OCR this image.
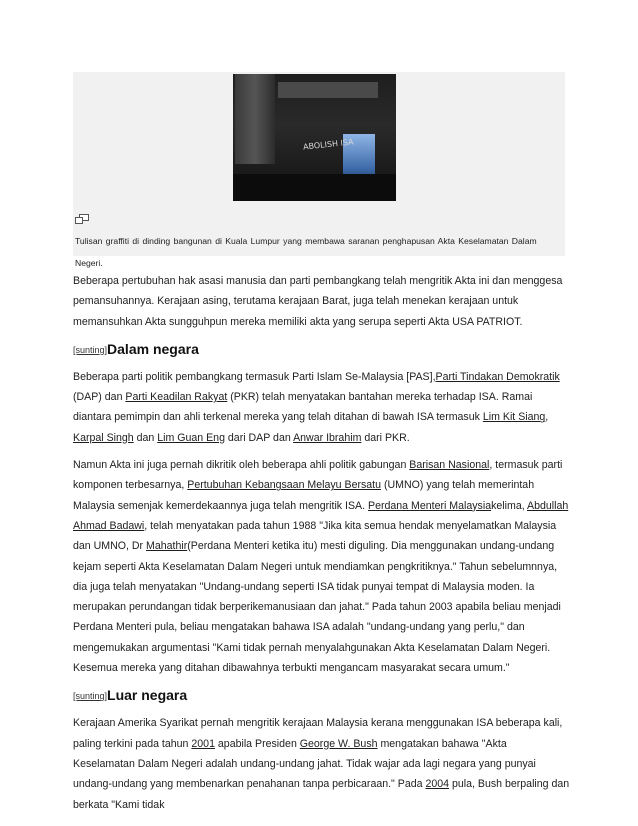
ABOLISH ISA
Tulisan graffiti di dinding bangunan di Kuala Lumpur yang membawa saranan penghapusan Akta Keselamatan Dalam Negeri.

Beberapa pertubuhan hak asasi manusia dan parti pembangkang telah mengritik Akta ini dan menggesa pemansuhannya. Kerajaan asing, terutama kerajaan Barat, juga telah menekan kerajaan untuk memansuhkan Akta sungguhpun mereka memiliki akta yang serupa seperti Akta USA PATRIOT.

[sunting]Dalam negara

Beberapa parti politik pembangkang termasuk Parti Islam Se-Malaysia [PAS],Parti Tindakan Demokratik (DAP) dan Parti Keadilan Rakyat (PKR) telah menyatakan bantahan mereka terhadap ISA. Ramai diantara pemimpin dan ahli terkenal mereka yang telah ditahan di bawah ISA termasuk Lim Kit Siang, Karpal Singh dan Lim Guan Eng dari DAP dan Anwar Ibrahim dari PKR.

Namun Akta ini juga pernah dikritik oleh beberapa ahli politik gabungan Barisan Nasional, termasuk parti komponen terbesarnya, Pertubuhan Kebangsaan Melayu Bersatu (UMNO) yang telah memerintah Malaysia semenjak kemerdekaannya juga telah mengritik ISA. Perdana Menteri Malaysiakelima, Abdullah Ahmad Badawi, telah menyatakan pada tahun 1988 "Jika kita semua hendak menyelamatkan Malaysia dan UMNO, Dr Mahathir(Perdana Menteri ketika itu) mesti diguling. Dia menggunakan undang-undang kejam seperti Akta Keselamatan Dalam Negeri untuk mendiamkan pengkritiknya." Tahun sebelumnnya, dia juga telah menyatakan "Undang-undang seperti ISA tidak punyai tempat di Malaysia moden. Ia merupakan perundangan tidak berperikemanusiaan dan jahat." Pada tahun 2003 apabila beliau menjadi Perdana Menteri pula, beliau mengatakan bahawa ISA adalah "undang-undang yang perlu," dan mengemukakan argumentasi "Kami tidak pernah menyalahgunakan Akta Keselamatan Dalam Negeri. Kesemua mereka yang ditahan dibawahnya terbukti mengancam masyarakat secara umum."

[sunting]Luar negara

Kerajaan Amerika Syarikat pernah mengritik kerajaan Malaysia kerana menggunakan ISA beberapa kali, paling terkini pada tahun 2001 apabila Presiden George W. Bush mengatakan bahawa "Akta Keselamatan Dalam Negeri adalah undang-undang jahat. Tidak wajar ada lagi negara yang punyai undang-undang yang membenarkan penahanan tanpa perbicaraan." Pada 2004 pula, Bush berpaling dan berkata "Kami tidak
